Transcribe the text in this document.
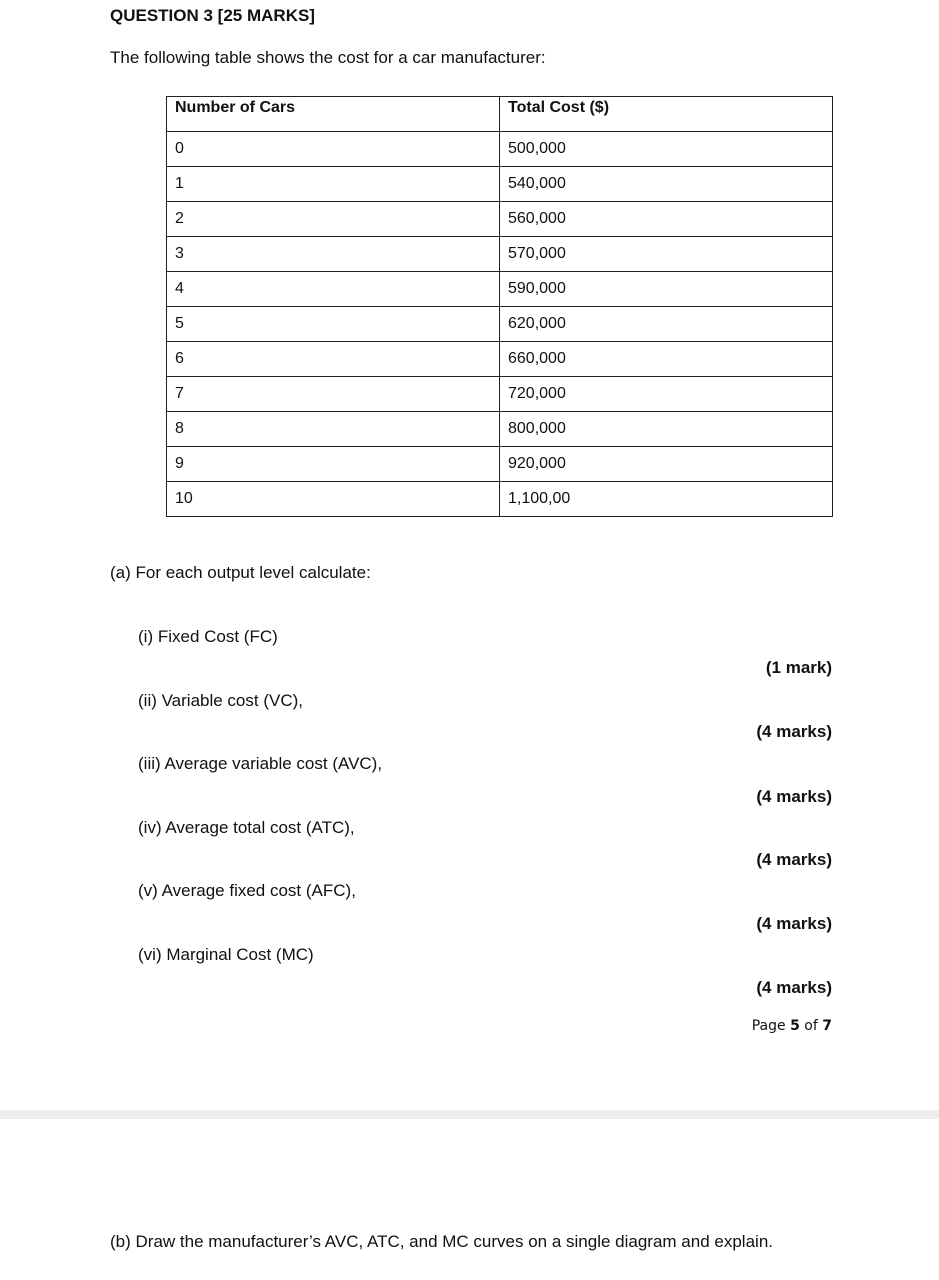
QUESTION 3 [25 MARKS]
The following table shows the cost for a car manufacturer:
Number of Cars	Total Cost ($)
0	500,000
1	540,000
2	560,000
3	570,000
4	590,000
5	620,000
6	660,000
7	720,000
8	800,000
9	920,000
10	1,100,00
(a) For each output level calculate:
(i) Fixed Cost (FC)
(1 mark)
(ii) Variable cost (VC),
(4 marks)
(iii) Average variable cost (AVC),
(4 marks)
(iv) Average total cost (ATC),
(4 marks)
(v) Average fixed cost (AFC),
(4 marks)
(vi) Marginal Cost (MC)
(4 marks)
Page 5 of 7
(b) Draw the manufacturer’s AVC, ATC, and MC curves on a single diagram and explain.
